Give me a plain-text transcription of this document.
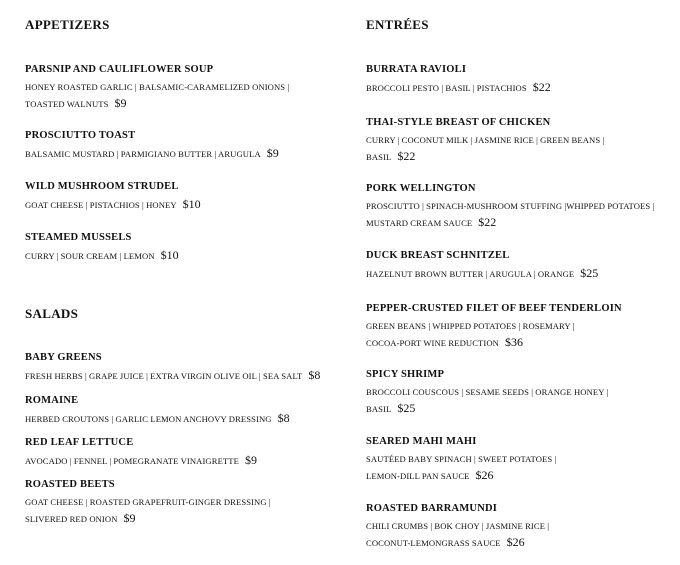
APPETIZERS
PARSNIP AND CAULIFLOWER SOUP
HONEY ROASTED GARLIC | BALSAMIC-CARAMELIZED ONIONS |
TOASTED WALNUTS $9
PROSCIUTTO TOAST
BALSAMIC MUSTARD | PARMIGIANO BUTTER | ARUGULA $9
WILD MUSHROOM STRUDEL
GOAT CHEESE | PISTACHIOS | HONEY $10
STEAMED MUSSELS
CURRY | SOUR CREAM | LEMON $10
SALADS
BABY GREENS
FRESH HERBS | GRAPE JUICE | EXTRA VIRGIN OLIVE OIL | SEA SALT $8
ROMAINE
HERBED CROUTONS | GARLIC LEMON ANCHOVY DRESSING $8
RED LEAF LETTUCE
AVOCADO | FENNEL | POMEGRANATE VINAIGRETTE $9
ROASTED BEETS
GOAT CHEESE | ROASTED GRAPEFRUIT-GINGER DRESSING |
SLIVERED RED ONION $9
ENTRÉES
BURRATA RAVIOLI
BROCCOLI PESTO | BASIL | PISTACHIOS $22
THAI-STYLE BREAST OF CHICKEN
CURRY | COCONUT MILK | JASMINE RICE | GREEN BEANS |
BASIL $22
PORK WELLINGTON
PROSCIUTTO | SPINACH-MUSHROOM STUFFING |WHIPPED POTATOES |
MUSTARD CREAM SAUCE $22
DUCK BREAST SCHNITZEL
HAZELNUT BROWN BUTTER | ARUGULA | ORANGE $25
PEPPER-CRUSTED FILET OF BEEF TENDERLOIN
GREEN BEANS | WHIPPED POTATOES | ROSEMARY |
COCOA-PORT WINE REDUCTION $36
SPICY SHRIMP
BROCCOLI COUSCOUS | SESAME SEEDS | ORANGE HONEY |
BASIL $25
SEARED MAHI MAHI
SAUTÉED BABY SPINACH | SWEET POTATOES |
LEMON-DILL PAN SAUCE $26
ROASTED BARRAMUNDI
CHILI CRUMBS | BOK CHOY | JASMINE RICE |
COCONUT-LEMONGRASS SAUCE $26
